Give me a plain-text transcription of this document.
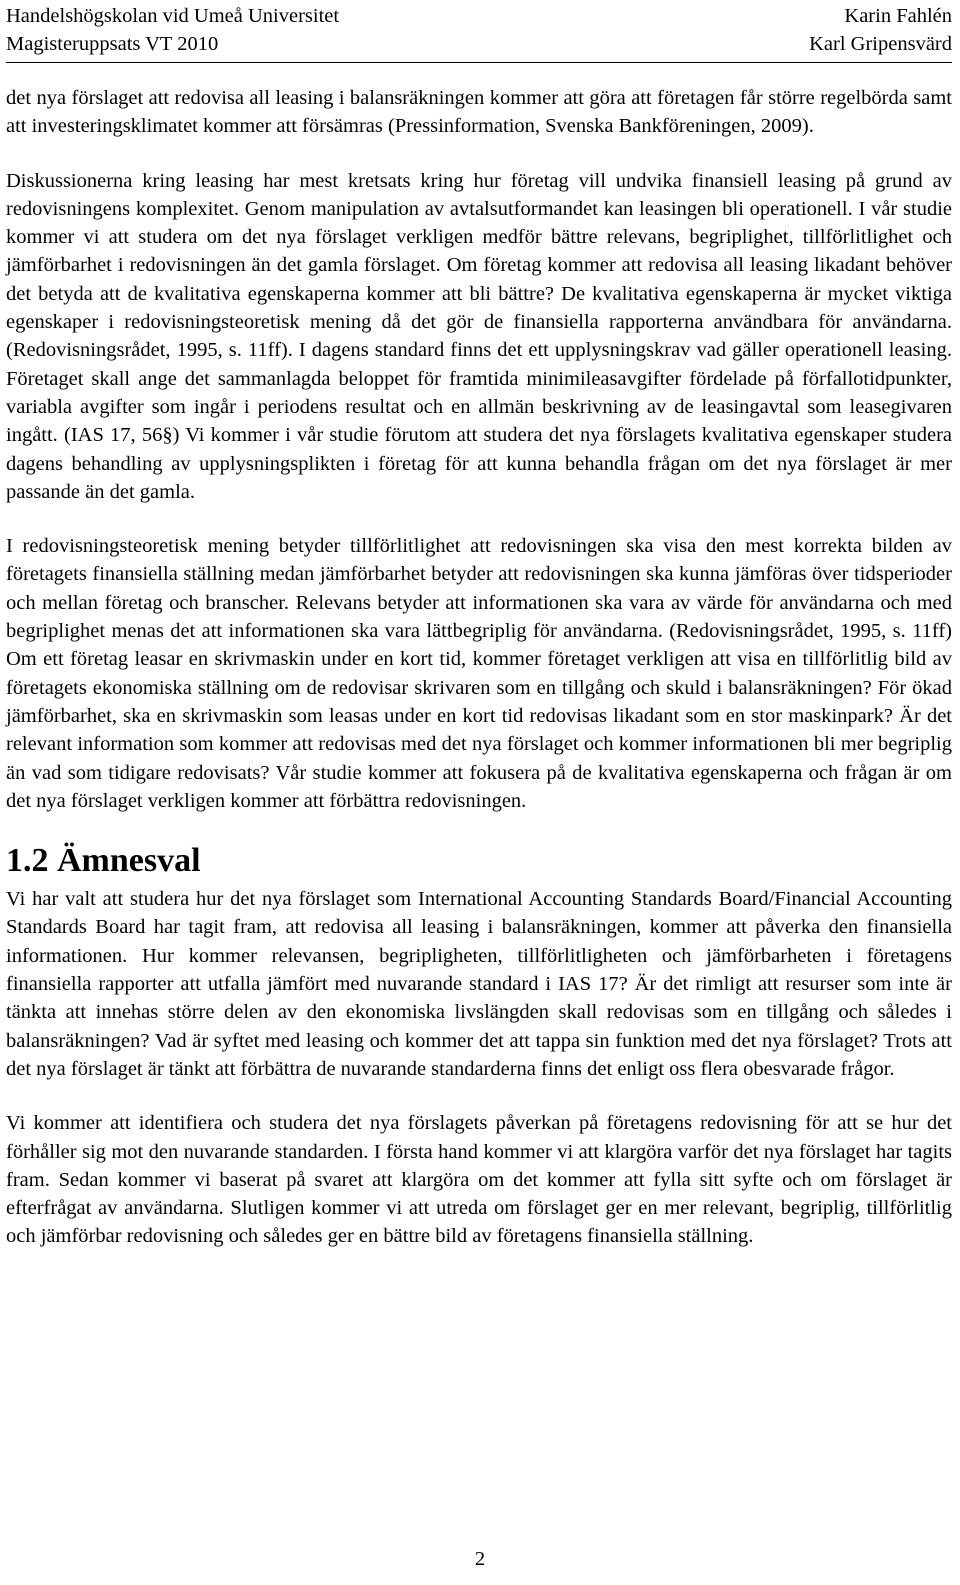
Handelshögskolan vid Umeå Universitet	Karin Fahlén
Magisteruppsats VT 2010	Karl Gripensvärd

det nya förslaget att redovisa all leasing i balansräkningen kommer att göra att företagen får större regelbörda samt att investeringsklimatet kommer att försämras (Pressinformation, Svenska Bankföreningen, 2009).

Diskussionerna kring leasing har mest kretsats kring hur företag vill undvika finansiell leasing på grund av redovisningens komplexitet. Genom manipulation av avtalsutformandet kan leasingen bli operationell. I vår studie kommer vi att studera om det nya förslaget verkligen medför bättre relevans, begriplighet, tillförlitlighet och jämförbarhet i redovisningen än det gamla förslaget. Om företag kommer att redovisa all leasing likadant behöver det betyda att de kvalitativa egenskaperna kommer att bli bättre? De kvalitativa egenskaperna är mycket viktiga egenskaper i redovisningsteoretisk mening då det gör de finansiella rapporterna användbara för användarna. (Redovisningsrådet, 1995, s. 11ff). I dagens standard finns det ett upplysningskrav vad gäller operationell leasing. Företaget skall ange det sammanlagda beloppet för framtida minimileasavgifter fördelade på förfallotidpunkter, variabla avgifter som ingår i periodens resultat och en allmän beskrivning av de leasingavtal som leasegivaren ingått. (IAS 17, 56§) Vi kommer i vår studie förutom att studera det nya förslagets kvalitativa egenskaper studera dagens behandling av upplysningsplikten i företag för att kunna behandla frågan om det nya förslaget är mer passande än det gamla.

I redovisningsteoretisk mening betyder tillförlitlighet att redovisningen ska visa den mest korrekta bilden av företagets finansiella ställning medan jämförbarhet betyder att redovisningen ska kunna jämföras över tidsperioder och mellan företag och branscher. Relevans betyder att informationen ska vara av värde för användarna och med begriplighet menas det att informationen ska vara lättbegriplig för användarna. (Redovisningsrådet, 1995, s. 11ff) Om ett företag leasar en skrivmaskin under en kort tid, kommer företaget verkligen att visa en tillförlitlig bild av företagets ekonomiska ställning om de redovisar skrivaren som en tillgång och skuld i balansräkningen? För ökad jämförbarhet, ska en skrivmaskin som leasas under en kort tid redovisas likadant som en stor maskinpark? Är det relevant information som kommer att redovisas med det nya förslaget och kommer informationen bli mer begriplig än vad som tidigare redovisats? Vår studie kommer att fokusera på de kvalitativa egenskaperna och frågan är om det nya förslaget verkligen kommer att förbättra redovisningen.

1.2 Ämnesval

Vi har valt att studera hur det nya förslaget som International Accounting Standards Board/Financial Accounting Standards Board har tagit fram, att redovisa all leasing i balansräkningen, kommer att påverka den finansiella informationen. Hur kommer relevansen, begripligheten, tillförlitligheten och jämförbarheten i företagens finansiella rapporter att utfalla jämfört med nuvarande standard i IAS 17? Är det rimligt att resurser som inte är tänkta att innehas större delen av den ekonomiska livslängden skall redovisas som en tillgång och således i balansräkningen? Vad är syftet med leasing och kommer det att tappa sin funktion med det nya förslaget? Trots att det nya förslaget är tänkt att förbättra de nuvarande standarderna finns det enligt oss flera obesvarade frågor.

Vi kommer att identifiera och studera det nya förslagets påverkan på företagens redovisning för att se hur det förhåller sig mot den nuvarande standarden. I första hand kommer vi att klargöra varför det nya förslaget har tagits fram. Sedan kommer vi baserat på svaret att klargöra om det kommer att fylla sitt syfte och om förslaget är efterfrågat av användarna. Slutligen kommer vi att utreda om förslaget ger en mer relevant, begriplig, tillförlitlig och jämförbar redovisning och således ger en bättre bild av företagens finansiella ställning.

2
